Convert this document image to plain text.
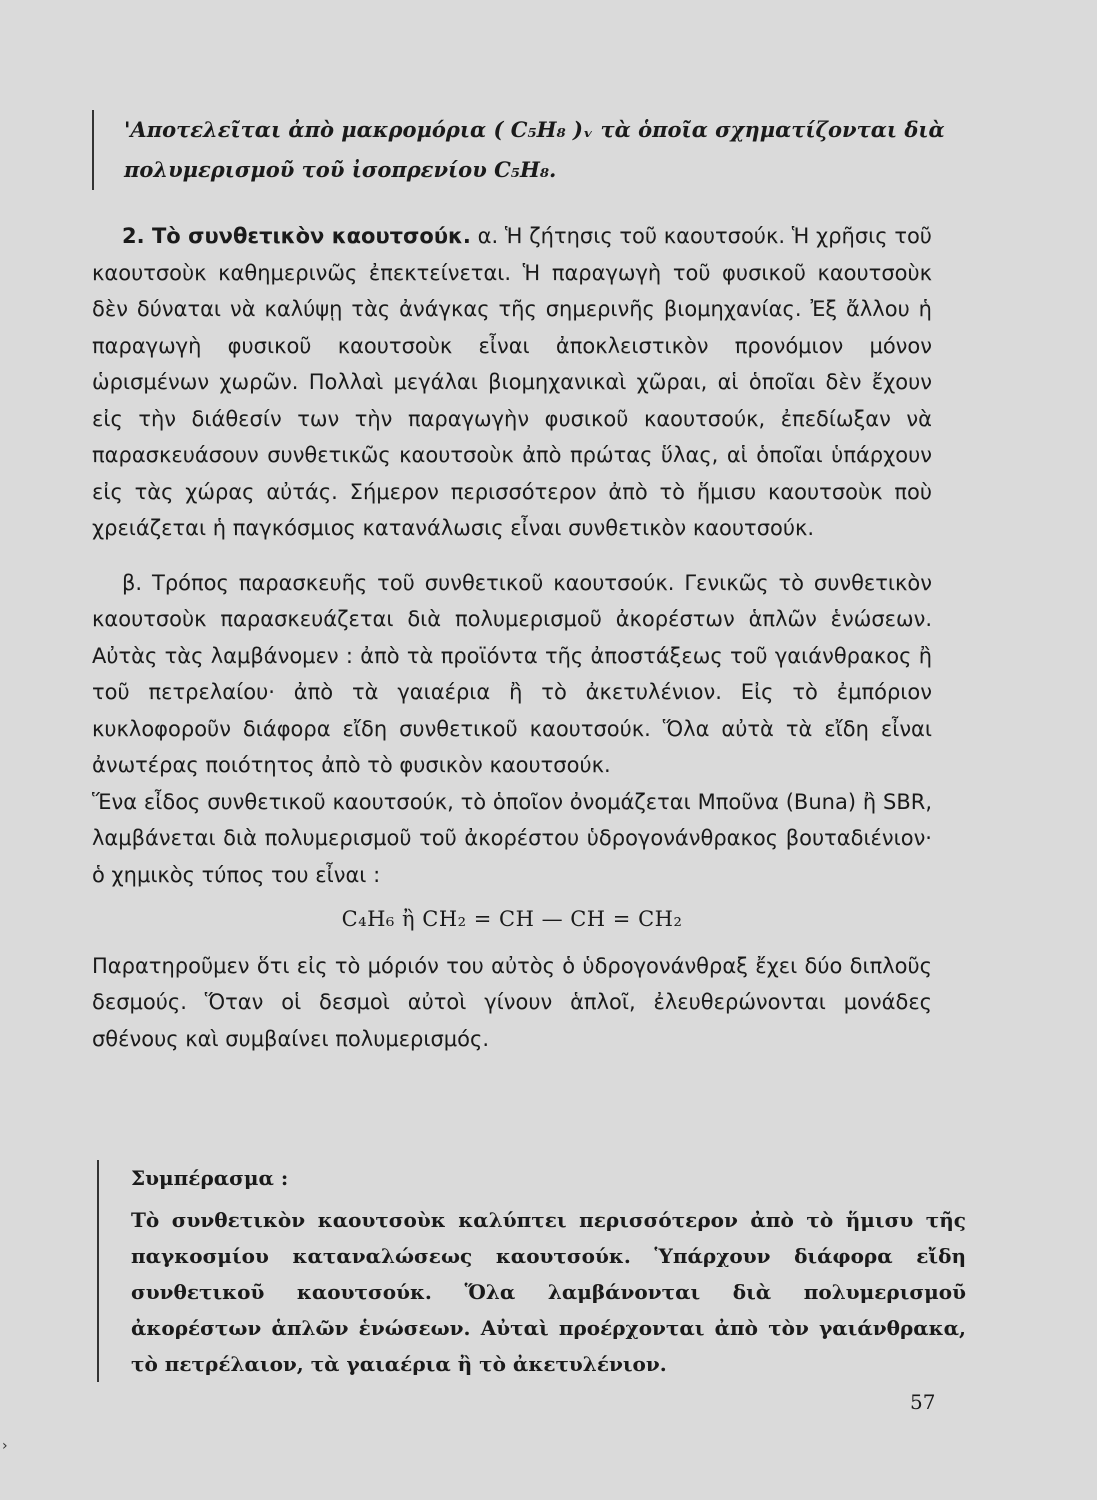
'Αποτελεῖται ἀπὸ μακρομόρια ( C₅H₈ )ᵥ τὰ ὁποῖα σχηματίζονται διὰ
πολυμερισμοῦ τοῦ ἰσοπρενίου C₅H₈.

2. Τὸ συνθετικὸν καουτσούκ. α. Ἡ ζήτησις τοῦ καουτσούκ. Ἡ χρῆσις τοῦ καουτσοὺκ καθημερινῶς ἐπεκτείνεται. Ἡ παραγωγὴ τοῦ φυσικοῦ καουτσοὺκ δὲν δύναται νὰ καλύψῃ τὰς ἀνάγκας τῆς σημερινῆς βιομηχανίας. Ἐξ ἄλλου ἡ παραγωγὴ φυσικοῦ καουτσοὺκ εἶναι ἀποκλειστικὸν προνόμιον μόνον ὡρισμένων χωρῶν. Πολλαὶ μεγάλαι βιομηχανικαὶ χῶραι, αἱ ὁποῖαι δὲν ἔχουν εἰς τὴν διάθεσίν των τὴν παραγωγὴν φυσικοῦ καουτσούκ, ἐπεδίωξαν νὰ παρασκευάσουν συνθετικῶς καουτσοὺκ ἀπὸ πρώτας ὕλας, αἱ ὁποῖαι ὑπάρχουν εἰς τὰς χώρας αὐτάς. Σήμερον περισσότερον ἀπὸ τὸ ἥμισυ καουτσοὺκ ποὺ χρειάζεται ἡ παγκόσμιος κατανάλωσις εἶναι συνθετικὸν καουτσούκ.

β. Τρόπος παρασκευῆς τοῦ συνθετικοῦ καουτσούκ. Γενικῶς τὸ συνθετικὸν καουτσοὺκ παρασκευάζεται διὰ πολυμερισμοῦ ἀκορέστων ἁπλῶν ἑνώσεων. Αὐτὰς τὰς λαμβάνομεν : ἀπὸ τὰ προϊόντα τῆς ἀποστάξεως τοῦ γαιάνθρακος ἢ τοῦ πετρελαίου· ἀπὸ τὰ γαιαέρια ἢ τὸ ἀκετυλένιον. Εἰς τὸ ἐμπόριον κυκλοφοροῦν διάφορα εἴδη συνθετικοῦ καουτσούκ. Ὅλα αὐτὰ τὰ εἴδη εἶναι ἀνωτέρας ποιότητος ἀπὸ τὸ φυσικὸν καουτσούκ.

Ἕνα εἶδος συνθετικοῦ καουτσούκ, τὸ ὁποῖον ὀνομάζεται Μποῦνα (Buna) ἢ SBR, λαμβάνεται διὰ πολυμερισμοῦ τοῦ ἀκορέστου ὑδρογονάνθρακος βουταδιένιον· ὁ χημικὸς τύπος του εἶναι :

C₄H₆ ἢ CH₂ = CH — CH = CH₂

Παρατηροῦμεν ὅτι εἰς τὸ μόριόν του αὐτὸς ὁ ὑδρογονάνθραξ ἔχει δύο διπλοῦς δεσμούς. Ὅταν οἱ δεσμοὶ αὐτοὶ γίνουν ἁπλοῖ, ἐλευθερώνονται μονάδες σθένους καὶ συμβαίνει πολυμερισμός.

Συμπέρασμα :
Τὸ συνθετικὸν καουτσοὺκ καλύπτει περισσότερον ἀπὸ τὸ ἥμισυ τῆς παγκοσμίου καταναλώσεως καουτσούκ. Ὑπάρχουν διάφορα εἴδη συνθετικοῦ καουτσούκ. Ὅλα λαμβάνονται διὰ πολυμερισμοῦ ἀκορέστων ἁπλῶν ἑνώσεων. Αὐταὶ προέρχονται ἀπὸ τὸν γαιάνθρακα, τὸ πετρέλαιον, τὰ γαιαέρια ἢ τὸ ἀκετυλένιον.
57
›
